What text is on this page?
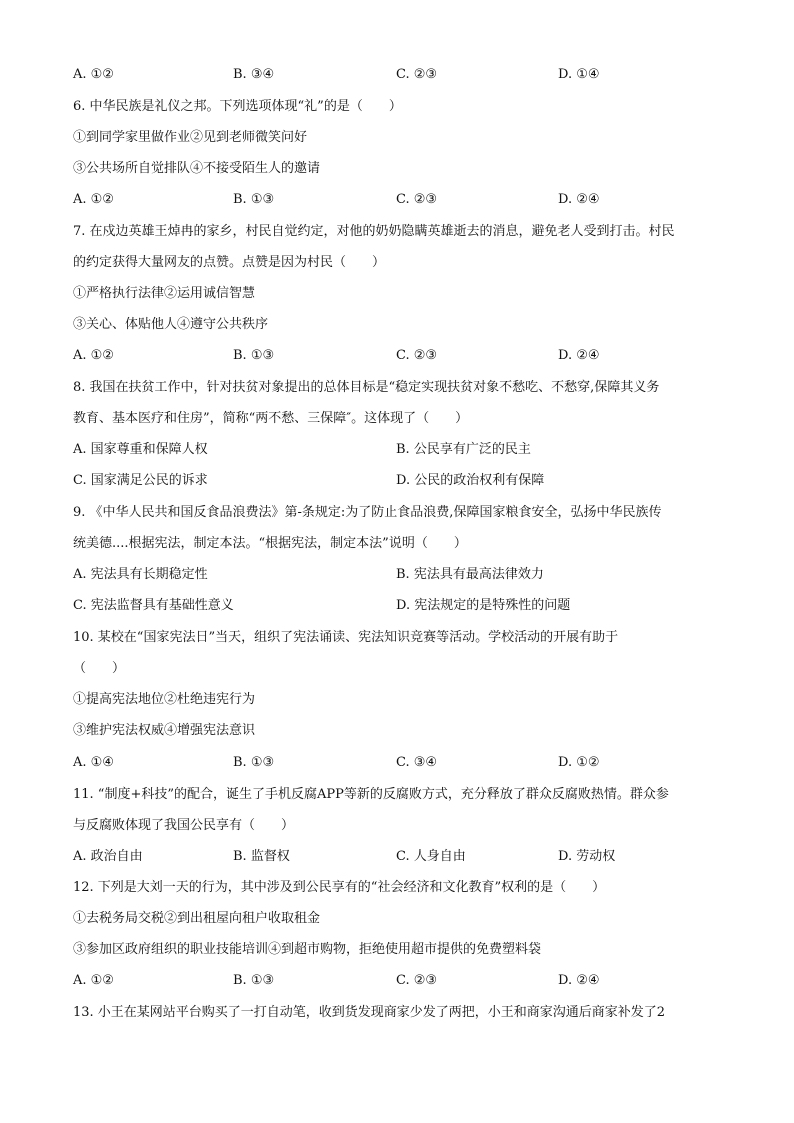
A. ①②	B. ③④	C. ②③	D. ①④
6. 中华民族是礼仪之邦。下列选项体现“礼”的是（　　）
①到同学家里做作业②见到老师微笑问好
③公共场所自觉排队④不接受陌生人的邀请
A. ①②	B. ①③	C. ②③	D. ②④
7. 在戍边英雄王焯冉的家乡，村民自觉约定，对他的奶奶隐瞒英雄逝去的消息，避免老人受到打击。村民
的约定获得大量网友的点赞。点赞是因为村民（　　）
①严格执行法律②运用诚信智慧
③关心、体贴他人④遵守公共秩序
A. ①②	B. ①③	C. ②③	D. ②④
8. 我国在扶贫工作中，针对扶贫对象提出的总体目标是“稳定实现扶贫对象不愁吃、不愁穿,保障其义务
教育、基本医疗和住房”，简称“两不愁、三保障″。这体现了（　　）
A. 国家尊重和保障人权	B. 公民享有广泛的民主
C. 国家满足公民的诉求	D. 公民的政治权利有保障
9. 《中华人民共和国反食品浪费法》第-条规定:为了防止食品浪费,保障国家粮食安全，弘扬中华民族传
统美德....根据宪法，制定本法。“根据宪法，制定本法”说明（　　）
A. 宪法具有长期稳定性	B. 宪法具有最高法律效力
C. 宪法监督具有基础性意义	D. 宪法规定的是特殊性的问题
10. 某校在“国家宪法日”当天，组织了宪法诵读、宪法知识竞赛等活动。学校活动的开展有助于
（　　）
①提高宪法地位②杜绝违宪行为
③维护宪法权威④增强宪法意识
A. ①④	B. ①③	C. ③④	D. ①②
11. “制度+科技”的配合，诞生了手机反腐APP等新的反腐败方式，充分释放了群众反腐败热情。群众参
与反腐败体现了我国公民享有（　　）
A. 政治自由	B. 监督权	C. 人身自由	D. 劳动权
12. 下列是大刘一天的行为，其中涉及到公民享有的“社会经济和文化教育”权利的是（　　）
①去税务局交税②到出租屋向租户收取租金
③参加区政府组织的职业技能培训④到超市购物，拒绝使用超市提供的免费塑料袋
A. ①②	B. ①③	C. ②③	D. ②④
13. 小王在某网站平台购买了一打自动笔，收到货发现商家少发了两把，小王和商家沟通后商家补发了2
